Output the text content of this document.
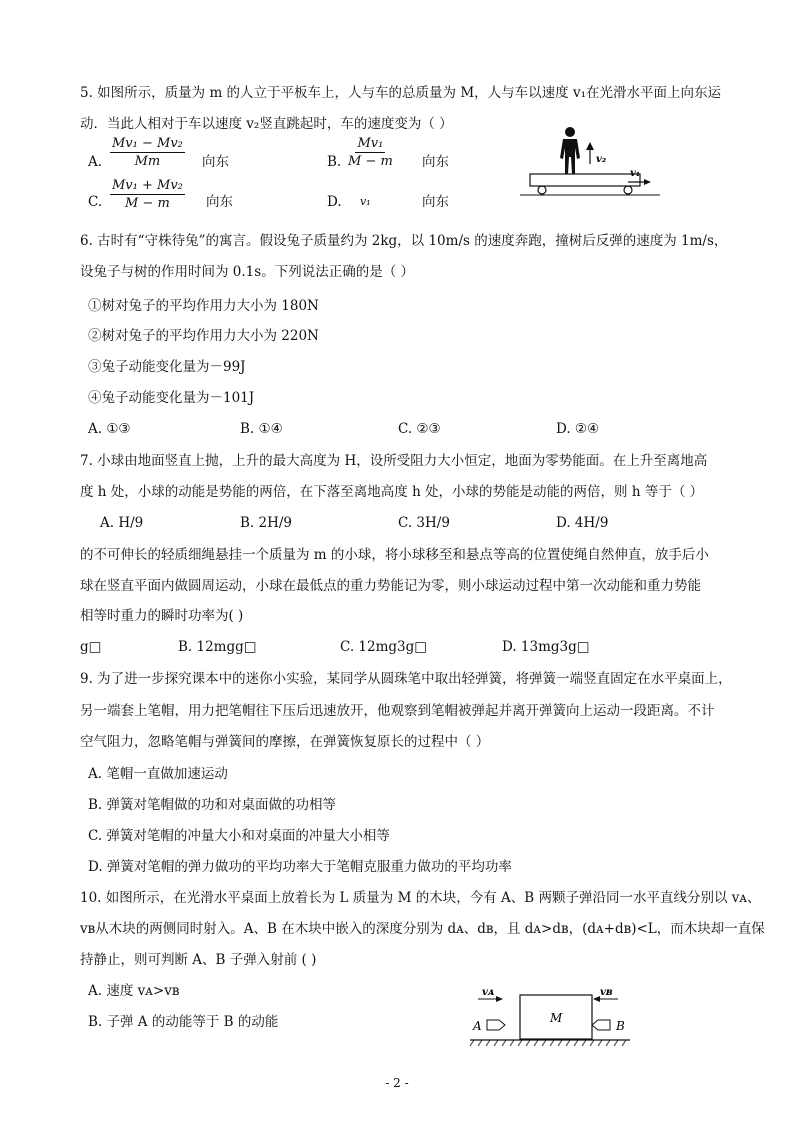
5. 如图所示，质量为 m 的人立于平板车上，人与车的总质量为 M，人与车以速度 v₁在光滑水平面上向东运
动．当此人相对于车以速度 v₂竖直跳起时，车的速度变为（ ）
A. $\frac{\text{Mv₁ − Mv₂}}{Mm}$ 向东	B. $\frac{\text{Mv₁}}{M - m}$ 向东
C. $\frac{\text{Mv₁ + Mv₂}}{M - m}$ 向东	D. v₁	向东
v₂
v₁
6. 古时有“守株待兔”的寓言。假设兔子质量约为 2kg，以 10m/s 的速度奔跑，撞树后反弹的速度为 1m/s，
设兔子与树的作用时间为 0.1s。下列说法正确的是（ ）
①树对兔子的平均作用力大小为 180N
②树对兔子的平均作用力大小为 220N
③兔子动能变化量为－99J
④兔子动能变化量为－101J
A. ①③	B. ①④	C. ②③	D. ②④
7. 小球由地面竖直上抛，上升的最大高度为 H，设所受阻力大小恒定，地面为零势能面。在上升至离地高
度 h 处，小球的动能是势能的两倍，在下落至离地高度 h 处，小球的势能是动能的两倍，则 h 等于（ ）
A. H/9	B. 2H/9	C. 3H/9	D. 4H/9
的不可伸长的轻质细绳悬挂一个质量为 m 的小球，将小球移至和悬点等高的位置使绳自然伸直，放手后小
球在竖直平面内做圆周运动，小球在最低点的重力势能记为零，则小球运动过程中第一次动能和重力势能
相等时重力的瞬时功率为( )
g□	B. 12mgg□	C. 12mg3g□	D. 13mg3g□
9. 为了进一步探究课本中的迷你小实验，某同学从圆珠笔中取出轻弹簧，将弹簧一端竖直固定在水平桌面上，
另一端套上笔帽，用力把笔帽往下压后迅速放开，他观察到笔帽被弹起并离开弹簧向上运动一段距离。不计
空气阻力，忽略笔帽与弹簧间的摩擦，在弹簧恢复原长的过程中（ ）
A. 笔帽一直做加速运动
B. 弹簧对笔帽做的功和对桌面做的功相等
C. 弹簧对笔帽的冲量大小和对桌面的冲量大小相等
D. 弹簧对笔帽的弹力做功的平均功率大于笔帽克服重力做功的平均功率
10. 如图所示，在光滑水平桌面上放着长为 L 质量为 M 的木块，今有 A、B 两颗子弹沿同一水平直线分别以 vᴀ、
vʙ从木块的两侧同时射入。A、B 在木块中嵌入的深度分别为 dᴀ、dʙ，且 dᴀ>dʙ，(dᴀ+dʙ)<L，而木块却一直保
持静止，则可判断 A、B 子弹入射前 ( )
A. 速度 vᴀ>vʙ
B. 子弹 A 的动能等于 B 的动能	M
A	B
vᴀ	vʙ
- 2 -
